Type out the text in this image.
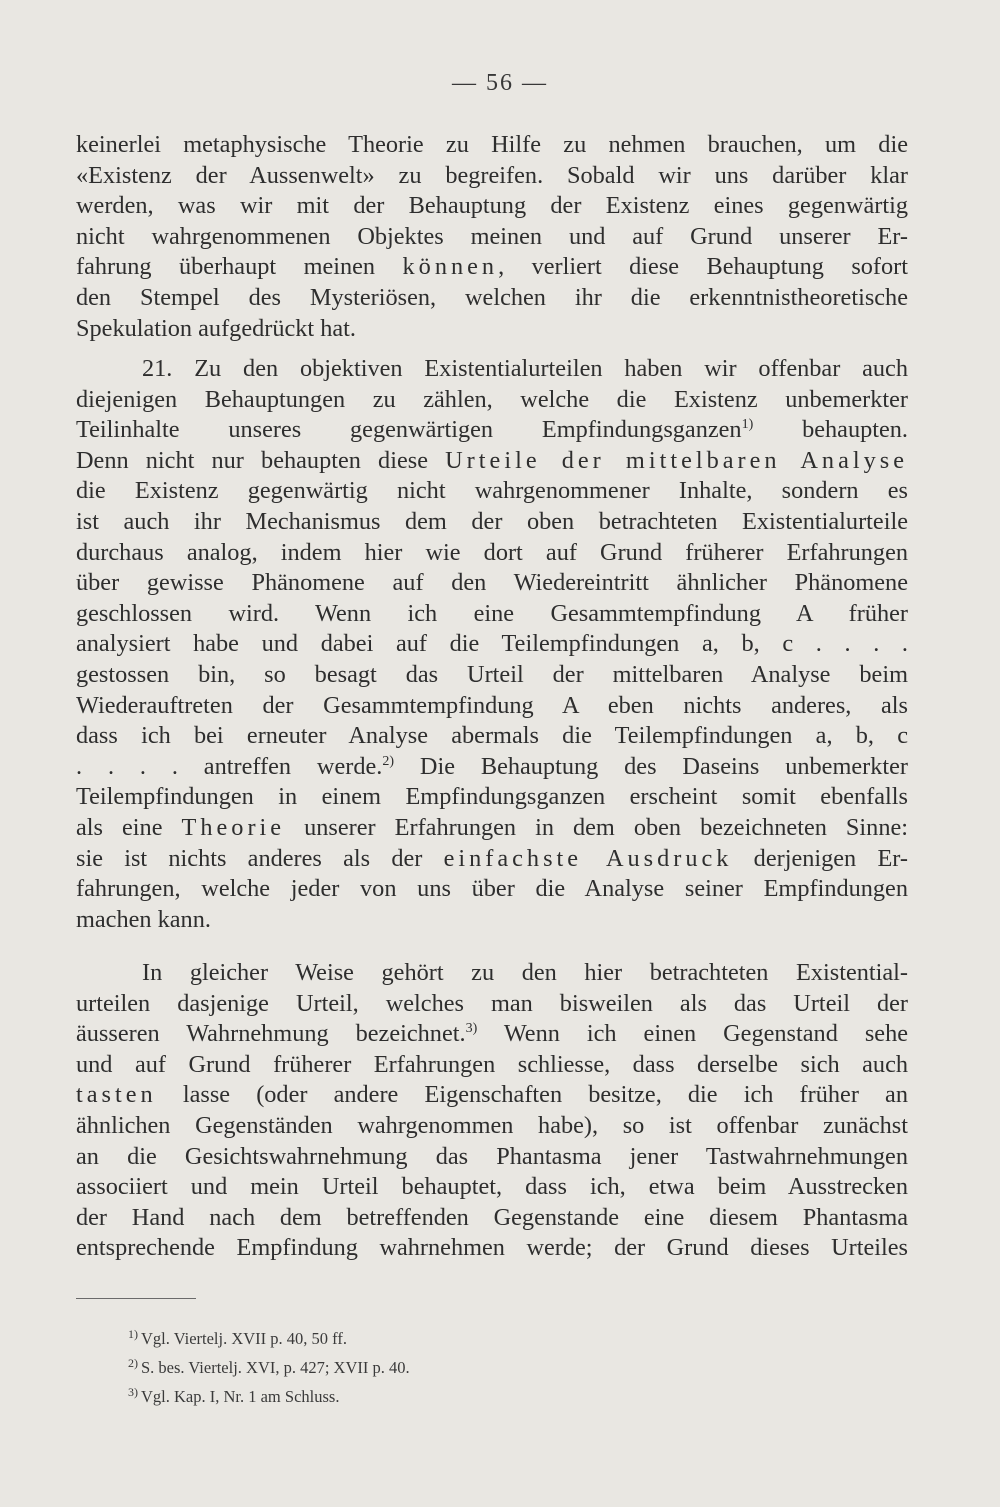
— 56 —

keinerlei metaphysische Theorie zu Hilfe zu nehmen brauchen, um die
«Existenz der Aussenwelt» zu begreifen. Sobald wir uns darüber klar
werden, was wir mit der Behauptung der Existenz eines gegenwärtig
nicht wahrgenommenen Objektes meinen und auf Grund unserer Er-
fahrung überhaupt meinen können, verliert diese Behauptung sofort
den Stempel des Mysteriösen, welchen ihr die erkenntnistheoretische
Spekulation aufgedrückt hat.

21. Zu den objektiven Existentialurteilen haben wir offenbar auch
diejenigen Behauptungen zu zählen, welche die Existenz unbemerkter
Teilinhalte unseres gegenwärtigen Empfindungsganzen$^{1)}$ behaupten.
Denn nicht nur behaupten diese Urteile der mittelbaren Analyse
die Existenz gegenwärtig nicht wahrgenommener Inhalte, sondern es
ist auch ihr Mechanismus dem der oben betrachteten Existentialurteile
durchaus analog, indem hier wie dort auf Grund früherer Erfahrungen
über gewisse Phänomene auf den Wiedereintritt ähnlicher Phänomene
geschlossen wird. Wenn ich eine Gesammtempfindung A früher
analysiert habe und dabei auf die Teilempfindungen a, b, c . . . .
gestossen bin, so besagt das Urteil der mittelbaren Analyse beim
Wiederauftreten der Gesammtempfindung A eben nichts anderes, als
dass ich bei erneuter Analyse abermals die Teilempfindungen a, b, c
. . . . antreffen werde.$^{2)}$ Die Behauptung des Daseins unbemerkter
Teilempfindungen in einem Empfindungsganzen erscheint somit ebenfalls
als eine Theorie unserer Erfahrungen in dem oben bezeichneten Sinne:
sie ist nichts anderes als der einfachste Ausdruck derjenigen Er-
fahrungen, welche jeder von uns über die Analyse seiner Empfindungen
machen kann.

In gleicher Weise gehört zu den hier betrachteten Existential-
urteilen dasjenige Urteil, welches man bisweilen als das Urteil der
äusseren Wahrnehmung bezeichnet.$^{3)}$ Wenn ich einen Gegenstand sehe
und auf Grund früherer Erfahrungen schliesse, dass derselbe sich auch
tasten lasse (oder andere Eigenschaften besitze, die ich früher an
ähnlichen Gegenständen wahrgenommen habe), so ist offenbar zunächst
an die Gesichtswahrnehmung das Phantasma jener Tastwahrnehmungen
associiert und mein Urteil behauptet, dass ich, etwa beim Ausstrecken
der Hand nach dem betreffenden Gegenstande eine diesem Phantasma
entsprechende Empfindung wahrnehmen werde; der Grund dieses Urteiles

$^{1)}$ Vgl. Viertelj. XVII p. 40, 50 ff.
$^{2)}$ S. bes. Viertelj. XVI, p. 427; XVII p. 40.
$^{3)}$ Vgl. Kap. I, Nr. 1 am Schluss.
